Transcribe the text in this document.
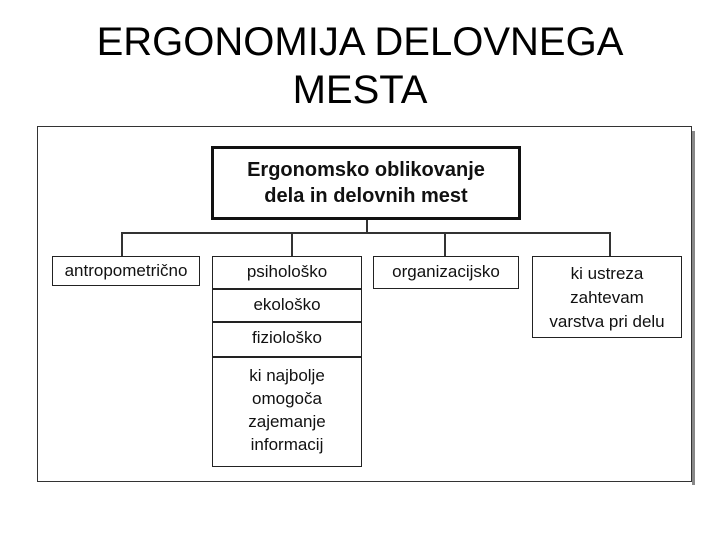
ERGONOMIJA DELOVNEGA
MESTA
Ergonomsko oblikovanje
dela in delovnih mest
antropometrično	psihološko
ekološko
fiziološko
ki najbolje
omogoča
zajemanje
informacij
organizacijsko	ki ustreza
zahtevam
varstva pri delu
